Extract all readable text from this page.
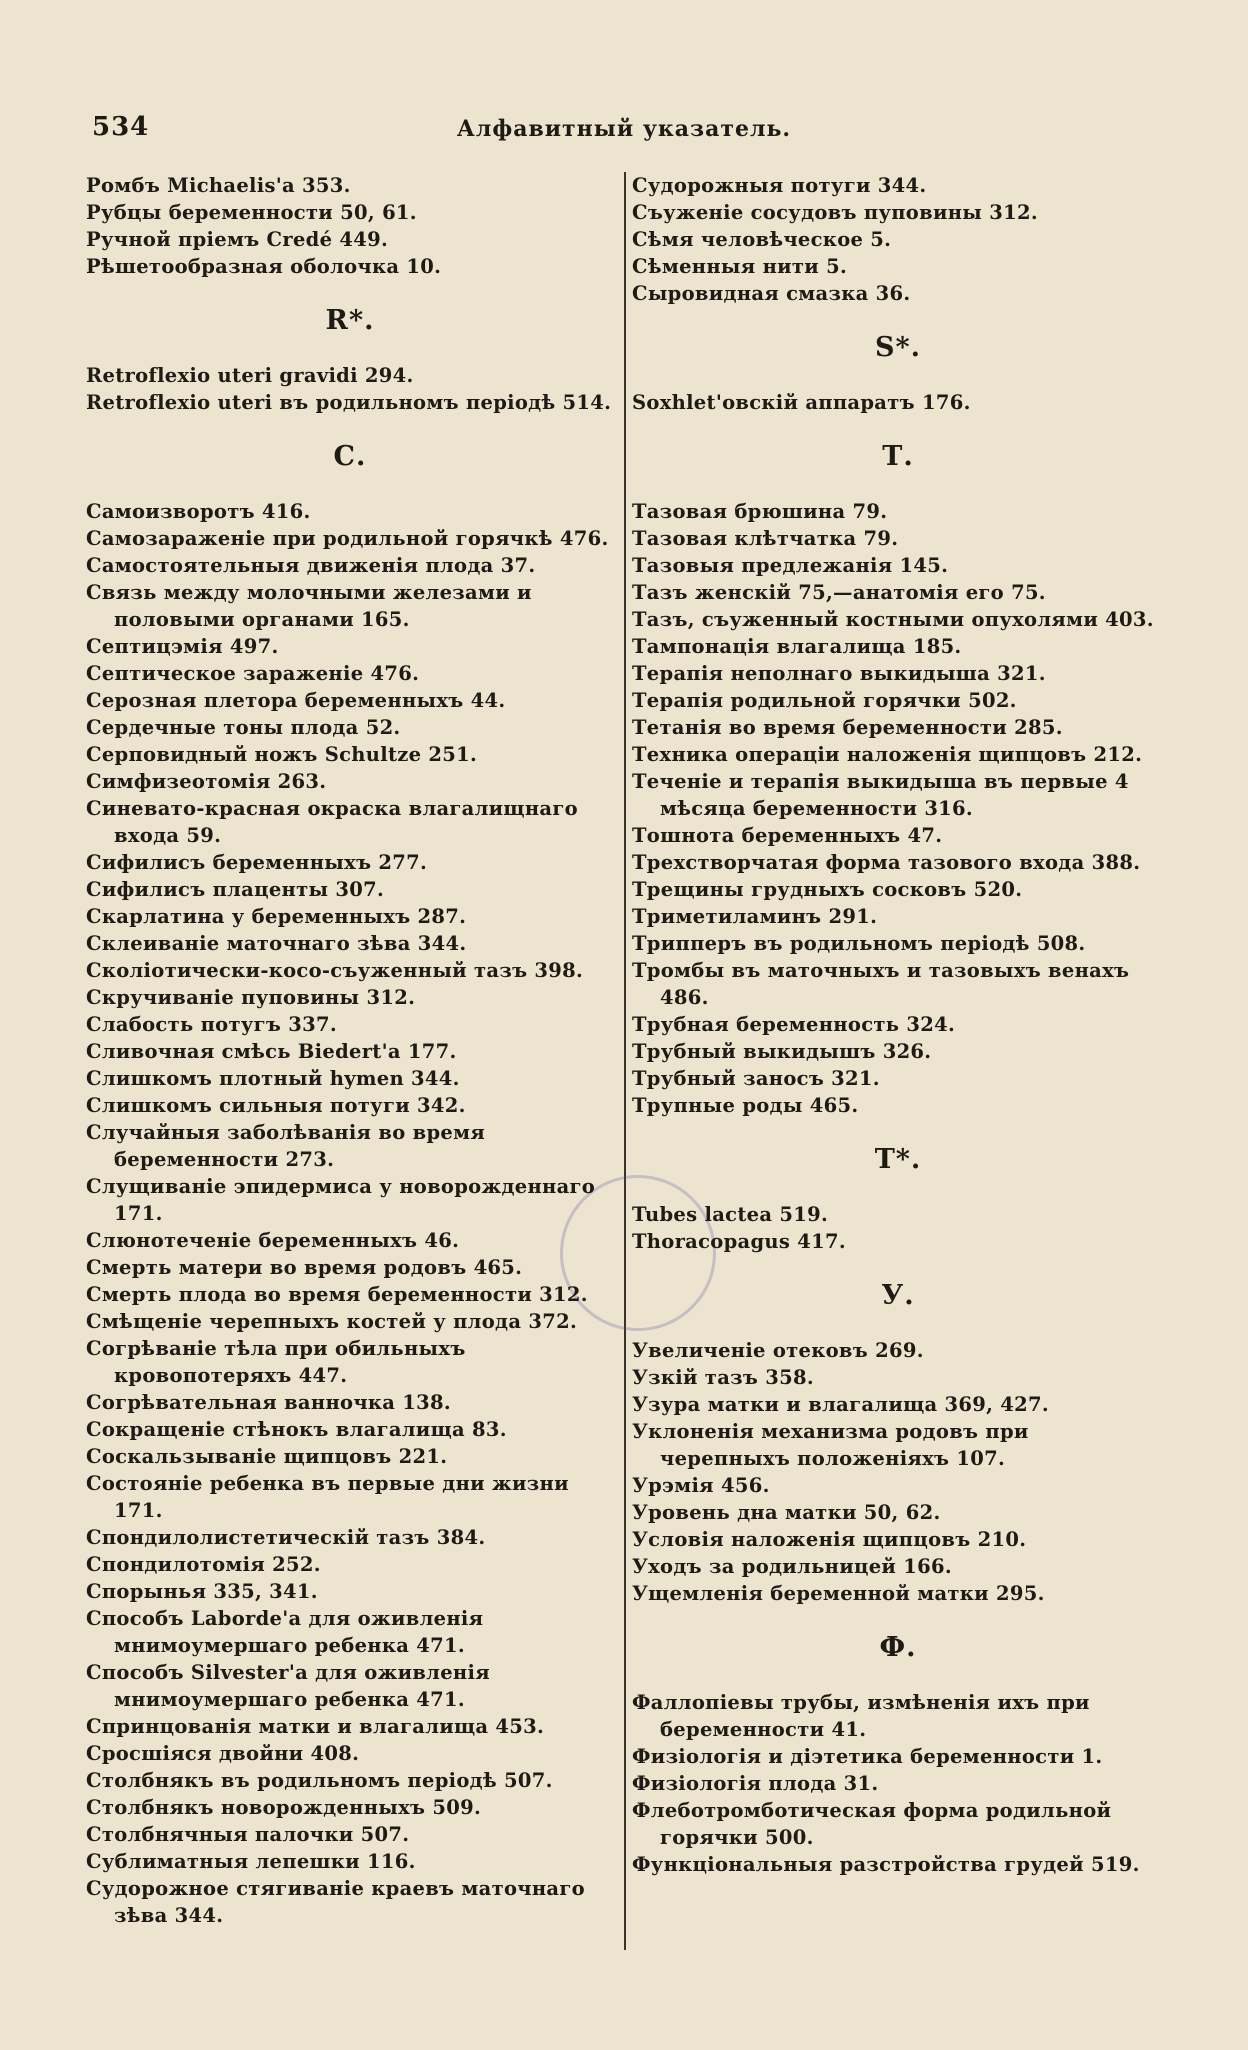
534	Алфавитный указатель.
Ромбъ Michaelis'а 353.
Рубцы беременности 50, 61.
Ручной пріемъ Credé 449.
Рѣшетообразная оболочка 10.
R*.
Retroflexio uteri gravidi 294.
Retroflexio uteri въ родильномъ періодѣ 514.
С.
Самоизворотъ 416.
Самозараженіе при родильной горячкѣ 476.
Самостоятельныя движенія плода 37.
Связь между молочными железами и половыми органами 165.
Септицэмія 497.
Септическое зараженіе 476.
Серозная плетора беременныхъ 44.
Сердечные тоны плода 52.
Серповидный ножъ Schultze 251.
Симфизеотомія 263.
Синевато-красная окраска влагалищнаго входа 59.
Сифилисъ беременныхъ 277.
Сифилисъ плаценты 307.
Скарлатина у беременныхъ 287.
Склеиваніе маточнаго зѣва 344.
Сколіотически-косо-съуженный тазъ 398.
Скручиваніе пуповины 312.
Слабость потугъ 337.
Сливочная смѣсь Biedert'а 177.
Слишкомъ плотный hymen 344.
Слишкомъ сильныя потуги 342.
Случайныя заболѣванія во время беременности 273.
Слущиваніе эпидермиса у новорожденнаго 171.
Слюнотеченіе беременныхъ 46.
Смерть матери во время родовъ 465.
Смерть плода во время беременности 312.
Смѣщеніе черепныхъ костей у плода 372.
Согрѣваніе тѣла при обильныхъ кровопотеряхъ 447.
Согрѣвательная ванночка 138.
Сокращеніе стѣнокъ влагалища 83.
Соскальзываніе щипцовъ 221.
Состояніе ребенка въ первые дни жизни 171.
Спондилолистетическій тазъ 384.
Спондилотомія 252.
Спорынья 335, 341.
Способъ Laborde'а для оживленія мнимоумершаго ребенка 471.
Способъ Silvester'а для оживленія мнимоумершаго ребенка 471.
Спринцованія матки и влагалища 453.
Сросшіяся двойни 408.
Столбнякъ въ родильномъ періодѣ 507.
Столбнякъ новорожденныхъ 509.
Столбнячныя палочки 507.
Сублиматныя лепешки 116.
Судорожное стягиваніе краевъ маточнаго зѣва 344.
Судорожныя потуги 344.
Съуженіе сосудовъ пуповины 312.
Сѣмя человѣческое 5.
Сѣменныя нити 5.
Сыровидная смазка 36.
S*.
Soxhlet'овскій аппаратъ 176.
Т.
Тазовая брюшина 79.
Тазовая клѣтчатка 79.
Тазовыя предлежанія 145.
Тазъ женскій 75,—анатомія его 75.
Тазъ, съуженный костными опухолями 403.
Тампонація влагалища 185.
Терапія неполнаго выкидыша 321.
Терапія родильной горячки 502.
Тетанія во время беременности 285.
Техника операціи наложенія щипцовъ 212.
Теченіе и терапія выкидыша въ первые 4 мѣсяца беременности 316.
Тошнота беременныхъ 47.
Трехстворчатая форма тазового входа 388.
Трещины грудныхъ сосковъ 520.
Триметиламинъ 291.
Трипперъ въ родильномъ періодѣ 508.
Тромбы въ маточныхъ и тазовыхъ венахъ 486.
Трубная беременность 324.
Трубный выкидышъ 326.
Трубный заносъ 321.
Трупные роды 465.
T*.
Tubes lactea 519.
Thoracopagus 417.
У.
Увеличеніе отековъ 269.
Узкій тазъ 358.
Узура матки и влагалища 369, 427.
Уклоненія механизма родовъ при черепныхъ положеніяхъ 107.
Урэмія 456.
Уровень дна матки 50, 62.
Условія наложенія щипцовъ 210.
Уходъ за родильницей 166.
Ущемленія беременной матки 295.
Ф.
Фаллопіевы трубы, измѣненія ихъ при беременности 41.
Физіологія и діэтетика беременности 1.
Физіологія плода 31.
Флеботромботическая форма родильной горячки 500.
Функціональныя разстройства грудей 519.
